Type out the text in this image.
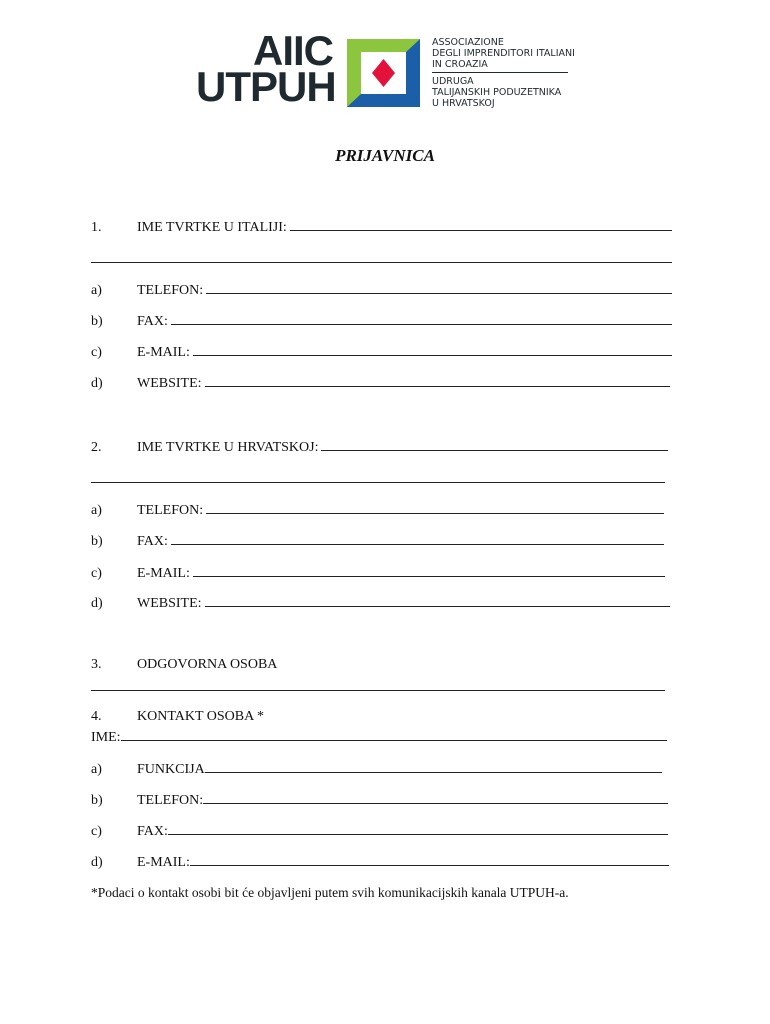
AIIC
UTPUH
ASSOCIAZIONE
DEGLI IMPRENDITORI ITALIANI
IN CROAZIA
UDRUGA
TALIJANSKIH PODUZETNIKA
U HRVATSKOJ
PRIJAVNICA
1.	IME TVRTKE U ITALIJI:
a)	TELEFON:
b)	FAX:
c)	E-MAIL:
d)	WEBSITE:
2.	IME TVRTKE U HRVATSKOJ:
a)	TELEFON:
b)	FAX:
c)	E-MAIL:
d)	WEBSITE:
3.	ODGOVORNA OSOBA
4.	KONTAKT OSOBA *
IME:
a)	FUNKCIJA
b)	TELEFON:
c)	FAX:
d)	E-MAIL:
*Podaci o kontakt osobi bit će objavljeni putem svih komunikacijskih kanala UTPUH-a.
